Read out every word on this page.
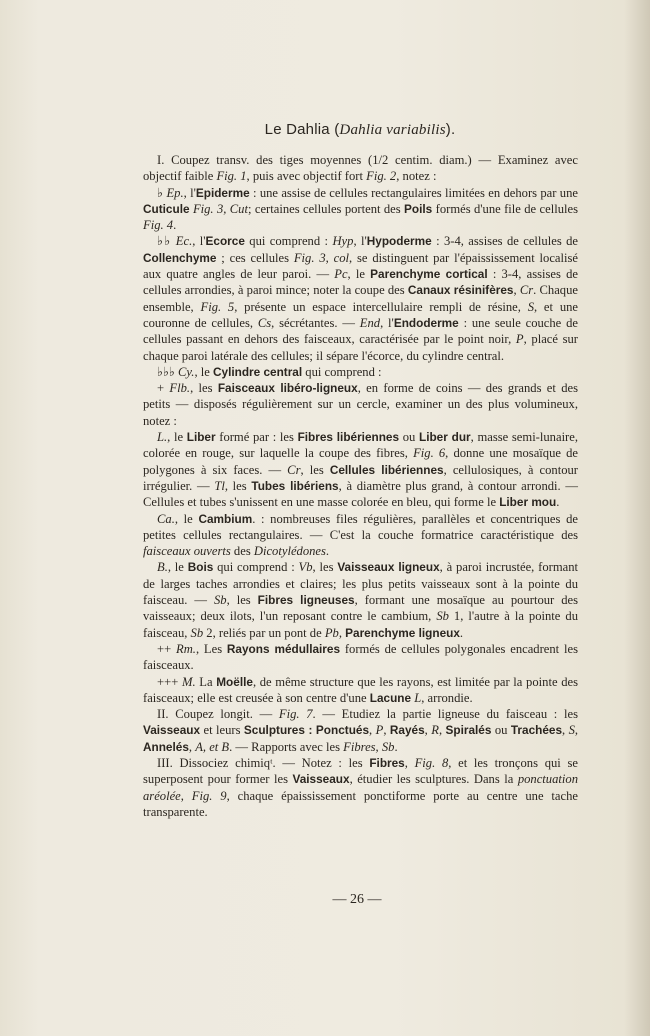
Le Dahlia (Dahlia variabilis).

I. Coupez transv. des tiges moyennes (1/2 centim. diam.) — Examinez avec objectif faible Fig. 1, puis avec objectif fort Fig. 2, notez :

♭ Ep., l'Epiderme : une assise de cellules rectangulaires limitées en dehors par une Cuticule Fig. 3, Cut; certaines cellules portent des Poils formés d'une file de cellules Fig. 4.

♭♭ Ec., l'Ecorce qui comprend : Hyp, l'Hypoderme : 3-4, assises de cellules de Collenchyme ; ces cellules Fig. 3, col, se distinguent par l'épaississement localisé aux quatre angles de leur paroi. — Pc, le Parenchyme cortical : 3-4, assises de cellules arrondies, à paroi mince; noter la coupe des Canaux résinifères, Cr. Chaque ensemble, Fig. 5, présente un espace intercellulaire rempli de résine, S, et une couronne de cellules, Cs, sécrétantes. — End, l'Endoderme : une seule couche de cellules passant en dehors des faisceaux, caractérisée par le point noir, P, placé sur chaque paroi latérale des cellules; il sépare l'écorce, du cylindre central.

♭♭♭ Cy., le Cylindre central qui comprend :

+ Flb., les Faisceaux libéro-ligneux, en forme de coins — des grands et des petits — disposés régulièrement sur un cercle, examiner un des plus volumineux, notez :

L., le Liber formé par : les Fibres libériennes ou Liber dur, masse semi-lunaire, colorée en rouge, sur laquelle la coupe des fibres, Fig. 6, donne une mosaïque de polygones à six faces. — Cr, les Cellules libériennes, cellulosiques, à contour irrégulier. — Tl, les Tubes libériens, à diamètre plus grand, à contour arrondi. — Cellules et tubes s'unissent en une masse colorée en bleu, qui forme le Liber mou.

Ca., le Cambium. : nombreuses files régulières, parallèles et concentriques de petites cellules rectangulaires. — C'est la couche formatrice caractéristique des faisceaux ouverts des Dicotylédones.

B., le Bois qui comprend : Vb, les Vaisseaux ligneux, à paroi incrustée, formant de larges taches arrondies et claires; les plus petits vaisseaux sont à la pointe du faisceau. — Sb, les Fibres ligneuses, formant une mosaïque au pourtour des vaisseaux; deux ilots, l'un reposant contre le cambium, Sb 1, l'autre à la pointe du faisceau, Sb 2, reliés par un pont de Pb, Parenchyme ligneux.

++ Rm., Les Rayons médullaires formés de cellules polygonales encadrent les faisceaux.

+++ M. La Moëlle, de même structure que les rayons, est limitée par la pointe des faisceaux; elle est creusée à son centre d'une Lacune L, arrondie.

II. Coupez longit. — Fig. 7. — Etudiez la partie ligneuse du faisceau : les Vaisseaux et leurs Sculptures : Ponctués, P, Rayés, R, Spiralés ou Trachées, S, Annelés, A, et B. — Rapports avec les Fibres, Sb.

III. Dissociez chimiqᵗ. — Notez : les Fibres, Fig. 8, et les tronçons qui se superposent pour former les Vaisseaux, étudier les sculptures. Dans la ponctuation aréolée, Fig. 9, chaque épaississement ponctiforme porte au centre une tache transparente.

— 26 —
